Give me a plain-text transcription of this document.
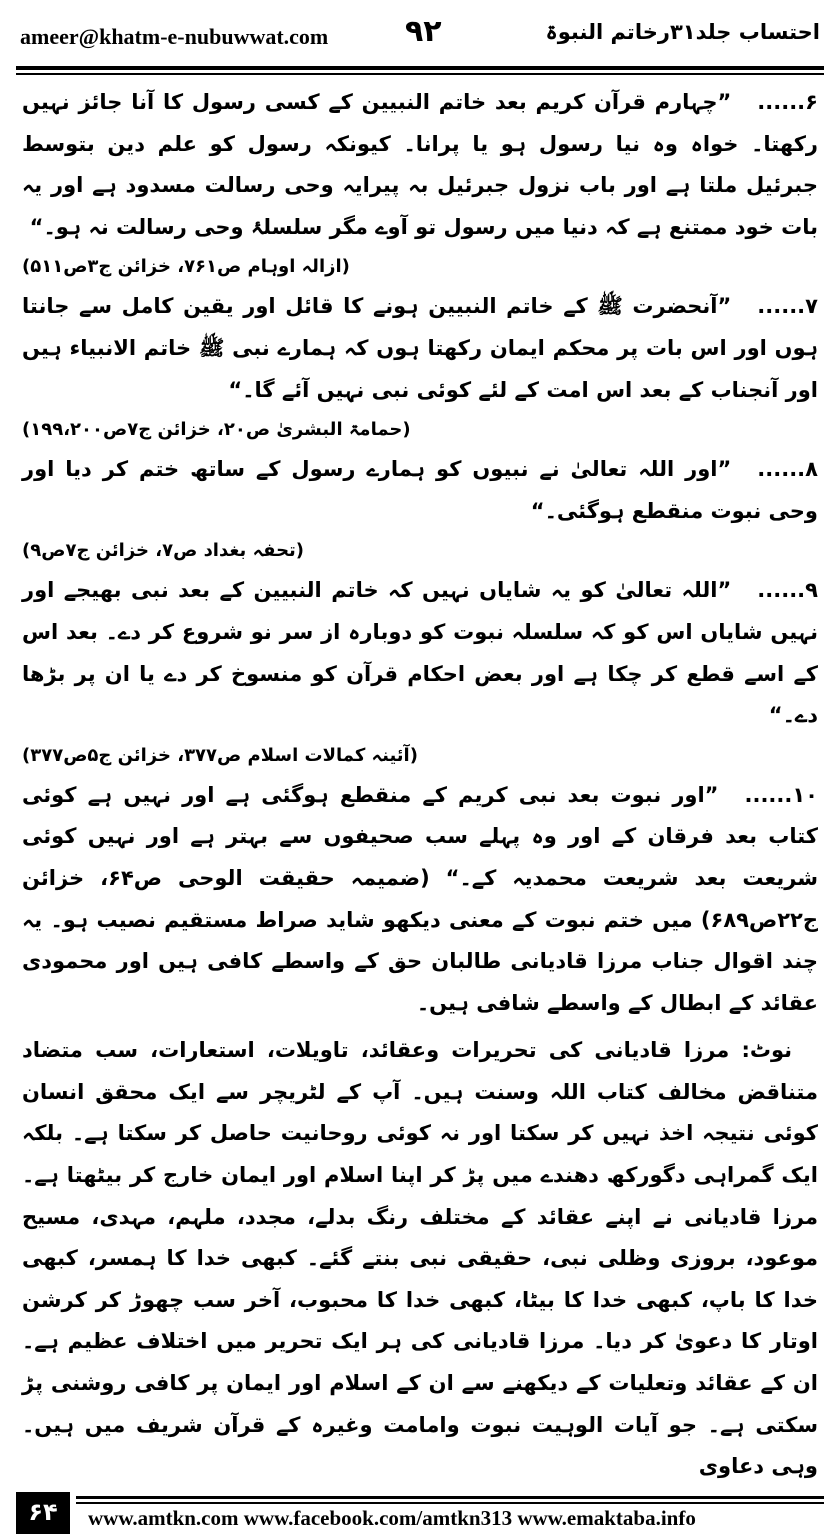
ameer@khatm-e-nubuwwat.com	۹۲	احتساب جلد۳۱رخاتم النبوۃ

۶......”چہارم قرآن کریم بعد خاتم النبیین کے کسی رسول کا آنا جائز نہیں رکھتا۔ خواہ وہ نیا رسول ہو یا پرانا۔ کیونکہ رسول کو علم دین بتوسط جبرئیل ملتا ہے اور باب نزول جبرئیل بہ پیرایہ وحی رسالت مسدود ہے اور یہ بات خود ممتنع ہے کہ دنیا میں رسول تو آوے مگر سلسلۂ وحی رسالت نہ ہو۔“
(ازالہ اوہام ص۷۶۱، خزائن ج۳ص۵۱۱)

۷......”آنحضرت ﷺ کے خاتم النبیین ہونے کا قائل اور یقین کامل سے جانتا ہوں اور اس بات پر محکم ایمان رکھتا ہوں کہ ہمارے نبی ﷺ خاتم الانبیاء ہیں اور آنجناب کے بعد اس امت کے لئے کوئی نبی نہیں آئے گا۔“
(حمامۃ البشریٰ ص۲۰، خزائن ج۷ص۱۹۹،۲۰۰)

۸......”اور اللہ تعالیٰ نے نبیوں کو ہمارے رسول کے ساتھ ختم کر دیا اور وحی نبوت منقطع ہوگئی۔“
(تحفہ بغداد ص۷، خزائن ج۷ص۹)

۹......”اللہ تعالیٰ کو یہ شایاں نہیں کہ خاتم النبیین کے بعد نبی بھیجے اور نہیں شایاں اس کو کہ سلسلہ نبوت کو دوبارہ از سر نو شروع کر دے۔ بعد اس کے اسے قطع کر چکا ہے اور بعض احکام قرآن کو منسوخ کر دے یا ان پر بڑھا دے۔“
(آئینہ کمالات اسلام ص۳۷۷، خزائن ج۵ص۳۷۷)

۱۰......”اور نبوت بعد نبی کریم کے منقطع ہوگئی ہے اور نہیں ہے کوئی کتاب بعد فرقان کے اور وہ پہلے سب صحیفوں سے بہتر ہے اور نہیں کوئی شریعت بعد شریعت محمدیہ کے۔“ (ضمیمہ حقیقت الوحی ص۶۴، خزائن ج۲۲ص۶۸۹) میں ختم نبوت کے معنی دیکھو شاید صراط مستقیم نصیب ہو۔ یہ چند اقوال جناب مرزا قادیانی طالبان حق کے واسطے کافی ہیں اور محمودی عقائد کے ابطال کے واسطے شافی ہیں۔

نوٹ: مرزا قادیانی کی تحریرات وعقائد، تاویلات، استعارات، سب متضاد متناقض مخالف کتاب اللہ وسنت ہیں۔ آپ کے لٹریچر سے ایک محقق انسان کوئی نتیجہ اخذ نہیں کر سکتا اور نہ کوئی روحانیت حاصل کر سکتا ہے۔ بلکہ ایک گمراہی دگورکھ دھندے میں پڑ کر اپنا اسلام اور ایمان خارج کر بیٹھتا ہے۔ مرزا قادیانی نے اپنے عقائد کے مختلف رنگ بدلے، مجدد، ملہم، مہدی، مسیح موعود، بروزی وظلی نبی، حقیقی نبی بنتے گئے۔ کبھی خدا کا ہمسر، کبھی خدا کا باپ، کبھی خدا کا بیٹا، کبھی خدا کا محبوب، آخر سب چھوڑ کر کرشن اوتار کا دعویٰ کر دیا۔ مرزا قادیانی کی ہر ایک تحریر میں اختلاف عظیم ہے۔ ان کے عقائد وتعلیات کے دیکھنے سے ان کے اسلام اور ایمان پر کافی روشنی پڑ سکتی ہے۔ جو آیات الوہیت نبوت وامامت وغیرہ کے قرآن شریف میں ہیں۔ وہی دعاوی

۶۴	www.amtkn.com www.facebook.com/amtkn313 www.emaktaba.info
